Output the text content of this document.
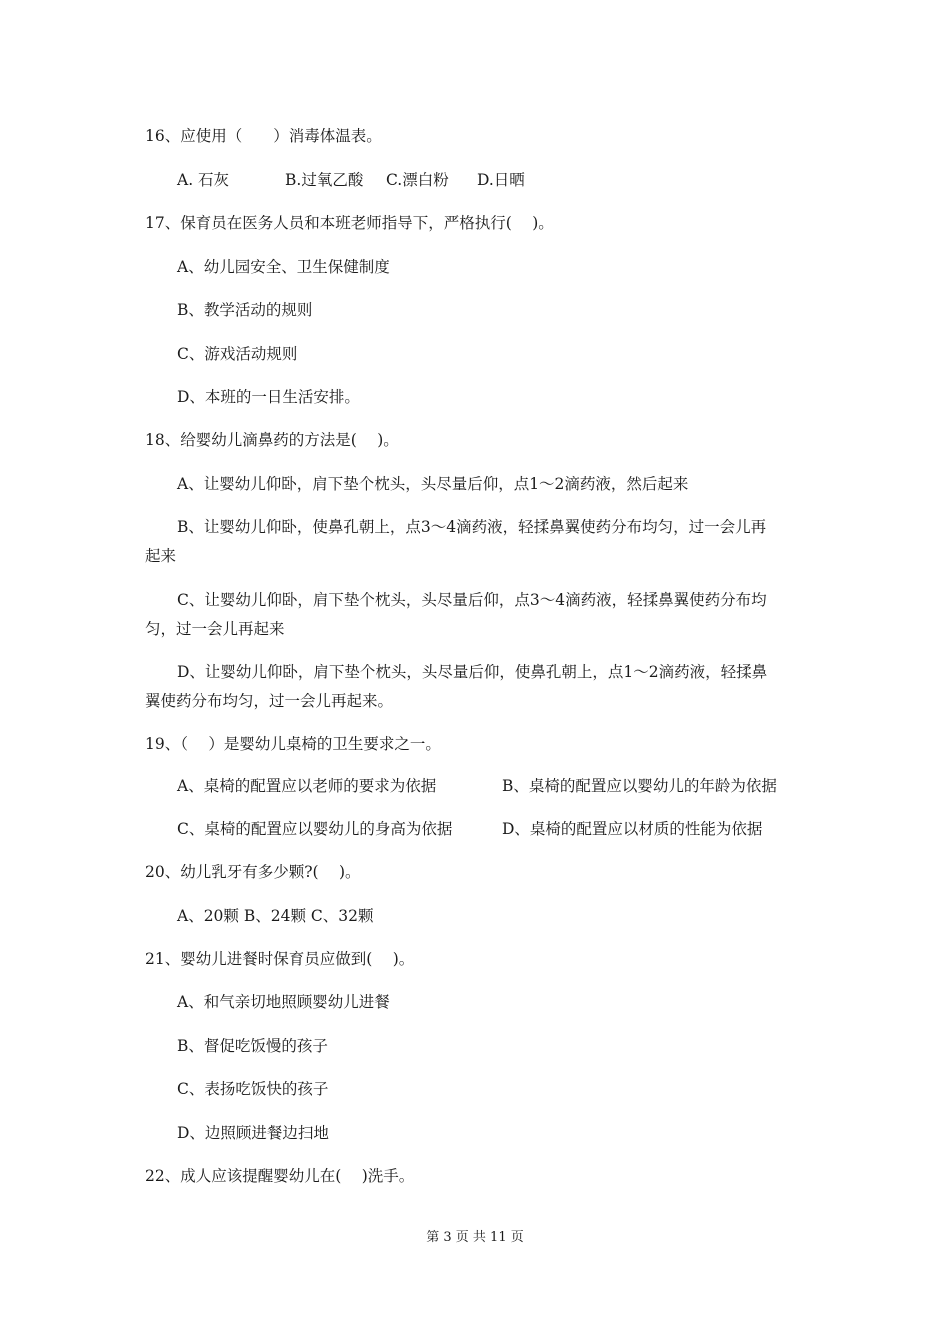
16、应使用（　　）消毒体温表。
A. 石灰	B.过氧乙酸 C.漂白粉 D.日晒
17、保育员在医务人员和本班老师指导下，严格执行(　 )。
A、幼儿园安全、卫生保健制度
B、教学活动的规则
C、游戏活动规则
D、本班的一日生活安排。
18、给婴幼儿滴鼻药的方法是(　 )。
A、让婴幼儿仰卧，肩下垫个枕头，头尽量后仰，点1～2滴药液，然后起来
B、让婴幼儿仰卧，使鼻孔朝上，点3～4滴药液，轻揉鼻翼使药分布均匀，过一会儿再
起来
C、让婴幼儿仰卧，肩下垫个枕头，头尽量后仰，点3～4滴药液，轻揉鼻翼使药分布均
匀，过一会儿再起来
D、让婴幼儿仰卧，肩下垫个枕头，头尽量后仰，使鼻孔朝上，点1～2滴药液，轻揉鼻
翼使药分布均匀，过一会儿再起来。
19、（　 ）是婴幼儿桌椅的卫生要求之一。
A、桌椅的配置应以老师的要求为依据	B、桌椅的配置应以婴幼儿的年龄为依据
C、桌椅的配置应以婴幼儿的身高为依据	D、桌椅的配置应以材质的性能为依据
20、幼儿乳牙有多少颗?(　 )。
A、20颗 B、24颗 C、32颗
21、婴幼儿进餐时保育员应做到(　 )。
A、和气亲切地照顾婴幼儿进餐
B、督促吃饭慢的孩子
C、表扬吃饭快的孩子
D、边照顾进餐边扫地
22、成人应该提醒婴幼儿在(　 )洗手。
第 3 页 共 11 页
